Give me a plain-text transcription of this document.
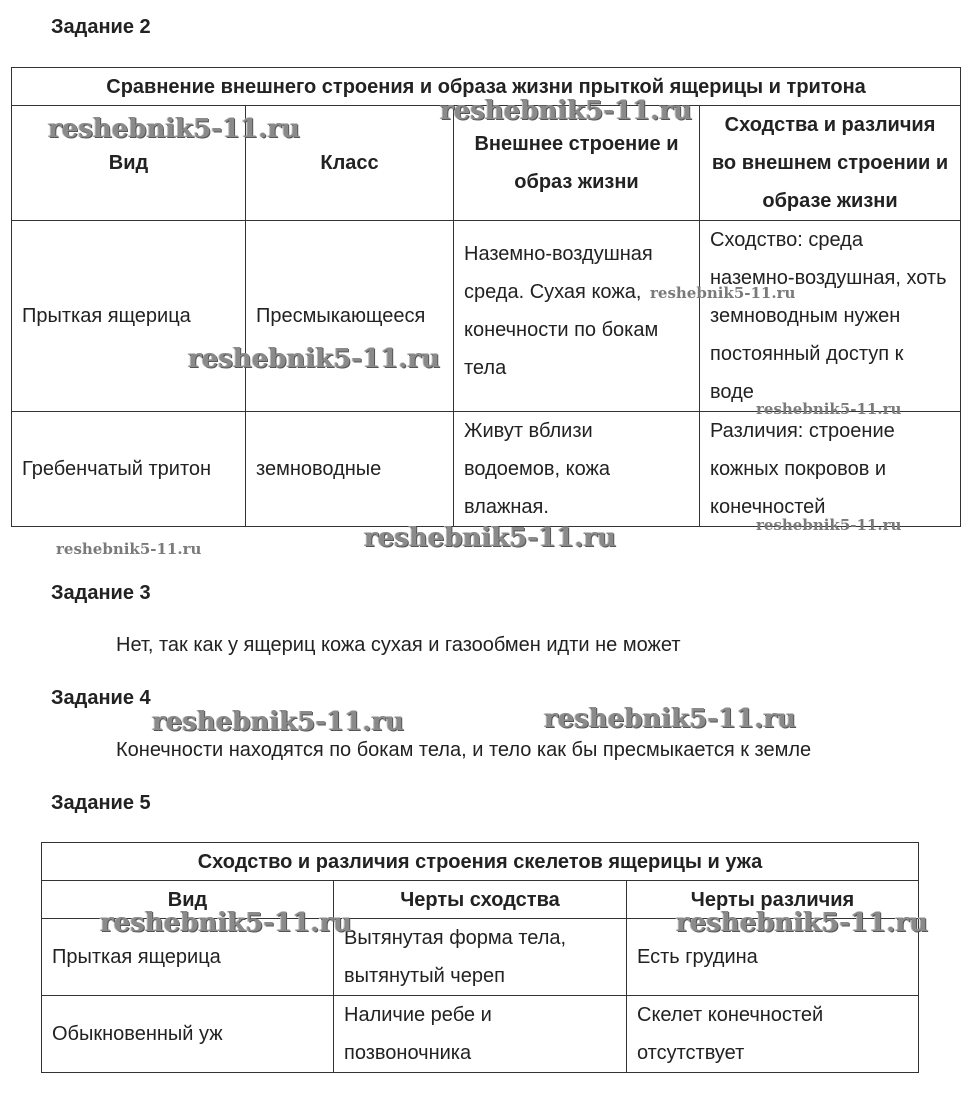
Задание 2
Сравнение внешнего строения и образа жизни прыткой ящерицы и тритона			
Вид	Класс	Внешнее строение и образ жизни	Сходства и различия во внешнем строении и образе жизни
Прыткая ящерица	Пресмыкающееся	Наземно-воздушная среда. Сухая кожа, конечности по бокам тела	Сходство: среда наземно-воздушная, хоть земноводным нужен постоянный доступ к воде
Гребенчатый тритон	земноводные	Живут вблизи водоемов, кожа влажная.	Различия: строение кожных покровов и конечностей
Задание 3
Нет, так как у ящериц кожа сухая и газообмен идти не может
Задание 4
Конечности находятся по бокам тела, и тело как бы пресмыкается к земле
Задание 5
Сходство и различия строения скелетов ящерицы и ужа		
Вид	Черты сходства	Черты различия
Прыткая ящерица	Вытянутая форма тела, вытянутый череп	Есть грудина
Обыкновенный уж	Наличие ребе и позвоночника	Скелет конечностей отсутствует
reshebnik5-11.ru
reshebnik5-11.ru
reshebnik5-11.ru
reshebnik5-11.ru
reshebnik5-11.ru
reshebnik5-11.ru
reshebnik5-11.ru	reshebnik5-11.ru
reshebnik5-11.ru	reshebnik5-11.ru
reshebnik5-11.ru	reshebnik5-11.ru
